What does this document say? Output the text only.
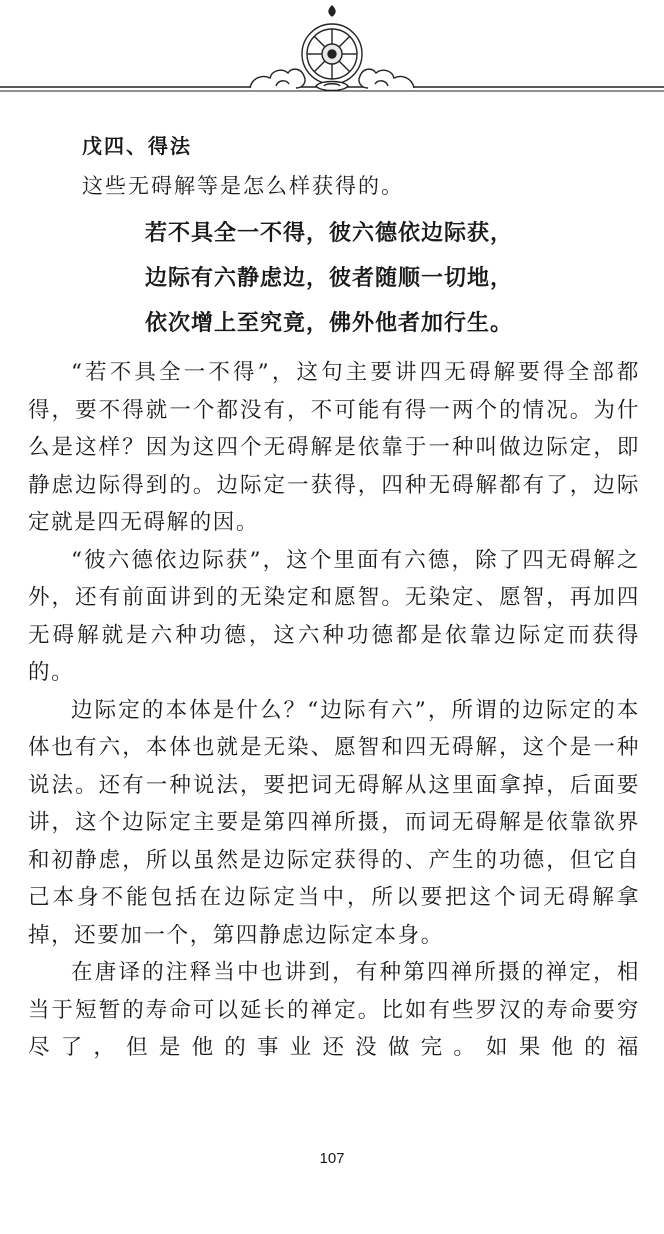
戊四、得法

这些无碍解等是怎么样获得的。

若不具全一不得，彼六德依边际获，

边际有六静虑边，彼者随顺一切地，

依次增上至究竟，佛外他者加行生。

“若不具全一不得”，这句主要讲四无碍解要得全部都得，要不得就一个都没有，不可能有得一两个的情况。为什么是这样？因为这四个无碍解是依靠于一种叫做边际定，即静虑边际得到的。边际定一获得，四种无碍解都有了，边际定就是四无碍解的因。

“彼六德依边际获”，这个里面有六德，除了四无碍解之外，还有前面讲到的无染定和愿智。无染定、愿智，再加四无碍解就是六种功德，这六种功德都是依靠边际定而获得的。

边际定的本体是什么？“边际有六”，所谓的边际定的本体也有六，本体也就是无染、愿智和四无碍解，这个是一种说法。还有一种说法，要把词无碍解从这里面拿掉，后面要讲，这个边际定主要是第四禅所摄，而词无碍解是依靠欲界和初静虑，所以虽然是边际定获得的、产生的功德，但它自己本身不能包括在边际定当中，所以要把这个词无碍解拿掉，还要加一个，第四静虑边际定本身。

在唐译的注释当中也讲到，有种第四禅所摄的禅定，相当于短暂的寿命可以延长的禅定。比如有些罗汉的寿命要穷尽了，但是他的事业还没做完。如果他的福

107
